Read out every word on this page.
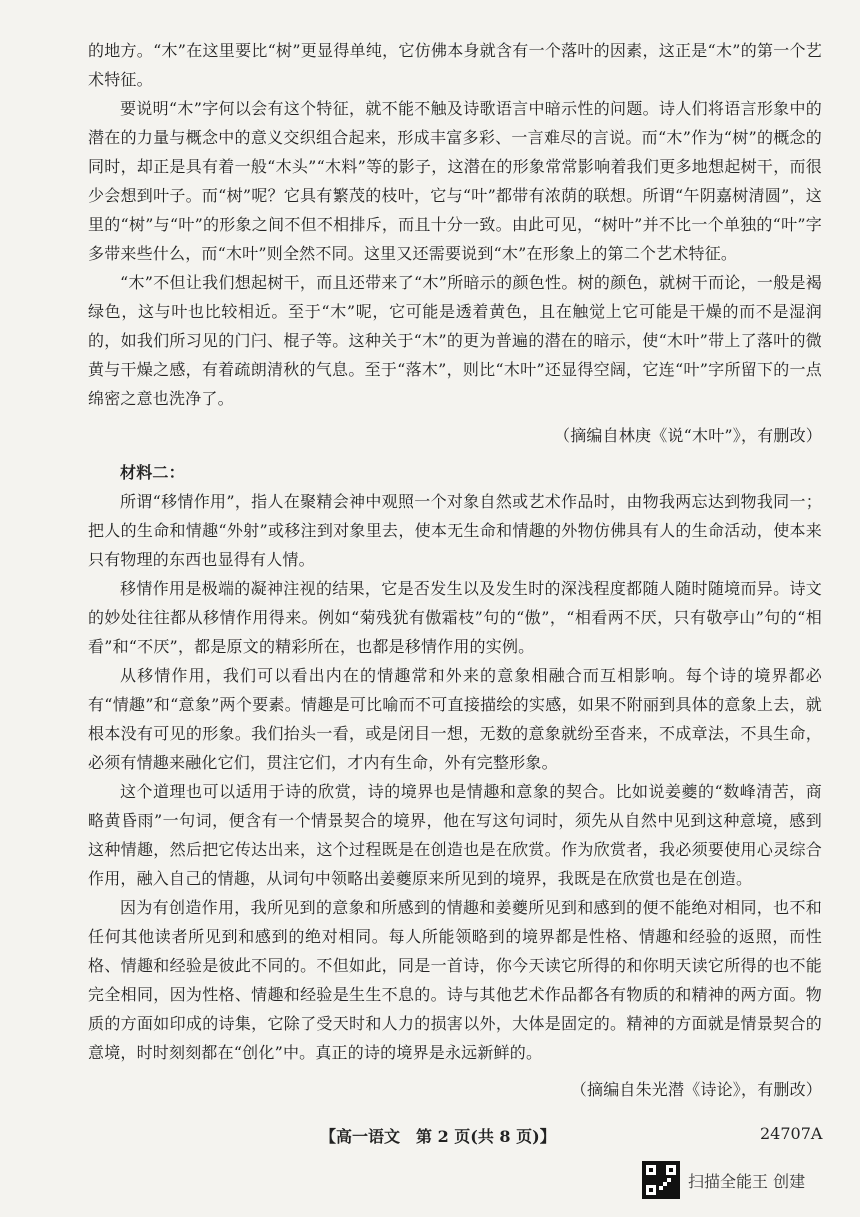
的地方。“木”在这里要比“树”更显得单纯，它仿佛本身就含有一个落叶的因素，这正是“木”的第一个艺术特征。

要说明“木”字何以会有这个特征，就不能不触及诗歌语言中暗示性的问题。诗人们将语言形象中的潜在的力量与概念中的意义交织组合起来，形成丰富多彩、一言难尽的言说。而“木”作为“树”的概念的同时，却正是具有着一般“木头”“木料”等的影子，这潜在的形象常常影响着我们更多地想起树干，而很少会想到叶子。而“树”呢？它具有繁茂的枝叶，它与“叶”都带有浓荫的联想。所谓“午阴嘉树清圆”，这里的“树”与“叶”的形象之间不但不相排斥，而且十分一致。由此可见，“树叶”并不比一个单独的“叶”字多带来些什么，而“木叶”则全然不同。这里又还需要说到“木”在形象上的第二个艺术特征。

“木”不但让我们想起树干，而且还带来了“木”所暗示的颜色性。树的颜色，就树干而论，一般是褐绿色，这与叶也比较相近。至于“木”呢，它可能是透着黄色，且在触觉上它可能是干燥的而不是湿润的，如我们所习见的门闩、棍子等。这种关于“木”的更为普遍的潜在的暗示，使“木叶”带上了落叶的微黄与干燥之感，有着疏朗清秋的气息。至于“落木”，则比“木叶”还显得空阔，它连“叶”字所留下的一点绵密之意也洗净了。

（摘编自林庚《说“木叶”》，有删改）

材料二：

所谓“移情作用”，指人在聚精会神中观照一个对象自然或艺术作品时，由物我两忘达到物我同一；把人的生命和情趣“外射”或移注到对象里去，使本无生命和情趣的外物仿佛具有人的生命活动，使本来只有物理的东西也显得有人情。

移情作用是极端的凝神注视的结果，它是否发生以及发生时的深浅程度都随人随时随境而异。诗文的妙处往往都从移情作用得来。例如“菊残犹有傲霜枝”句的“傲”，“相看两不厌，只有敬亭山”句的“相看”和“不厌”，都是原文的精彩所在，也都是移情作用的实例。

从移情作用，我们可以看出内在的情趣常和外来的意象相融合而互相影响。每个诗的境界都必有“情趣”和“意象”两个要素。情趣是可比喻而不可直接描绘的实感，如果不附丽到具体的意象上去，就根本没有可见的形象。我们抬头一看，或是闭目一想，无数的意象就纷至沓来，不成章法，不具生命，必须有情趣来融化它们，贯注它们，才内有生命，外有完整形象。

这个道理也可以适用于诗的欣赏，诗的境界也是情趣和意象的契合。比如说姜夔的“数峰清苦，商略黄昏雨”一句词，便含有一个情景契合的境界，他在写这句词时，须先从自然中见到这种意境，感到这种情趣，然后把它传达出来，这个过程既是在创造也是在欣赏。作为欣赏者，我必须要使用心灵综合作用，融入自己的情趣，从词句中领略出姜夔原来所见到的境界，我既是在欣赏也是在创造。

因为有创造作用，我所见到的意象和所感到的情趣和姜夔所见到和感到的便不能绝对相同，也不和任何其他读者所见到和感到的绝对相同。每人所能领略到的境界都是性格、情趣和经验的返照，而性格、情趣和经验是彼此不同的。不但如此，同是一首诗，你今天读它所得的和你明天读它所得的也不能完全相同，因为性格、情趣和经验是生生不息的。诗与其他艺术作品都各有物质的和精神的两方面。物质的方面如印成的诗集，它除了受天时和人力的损害以外，大体是固定的。精神的方面就是情景契合的意境，时时刻刻都在“创化”中。真正的诗的境界是永远新鲜的。

（摘编自朱光潜《诗论》，有删改）

【高一语文　第 2 页(共 8 页)】	24707A
扫描全能王 创建
